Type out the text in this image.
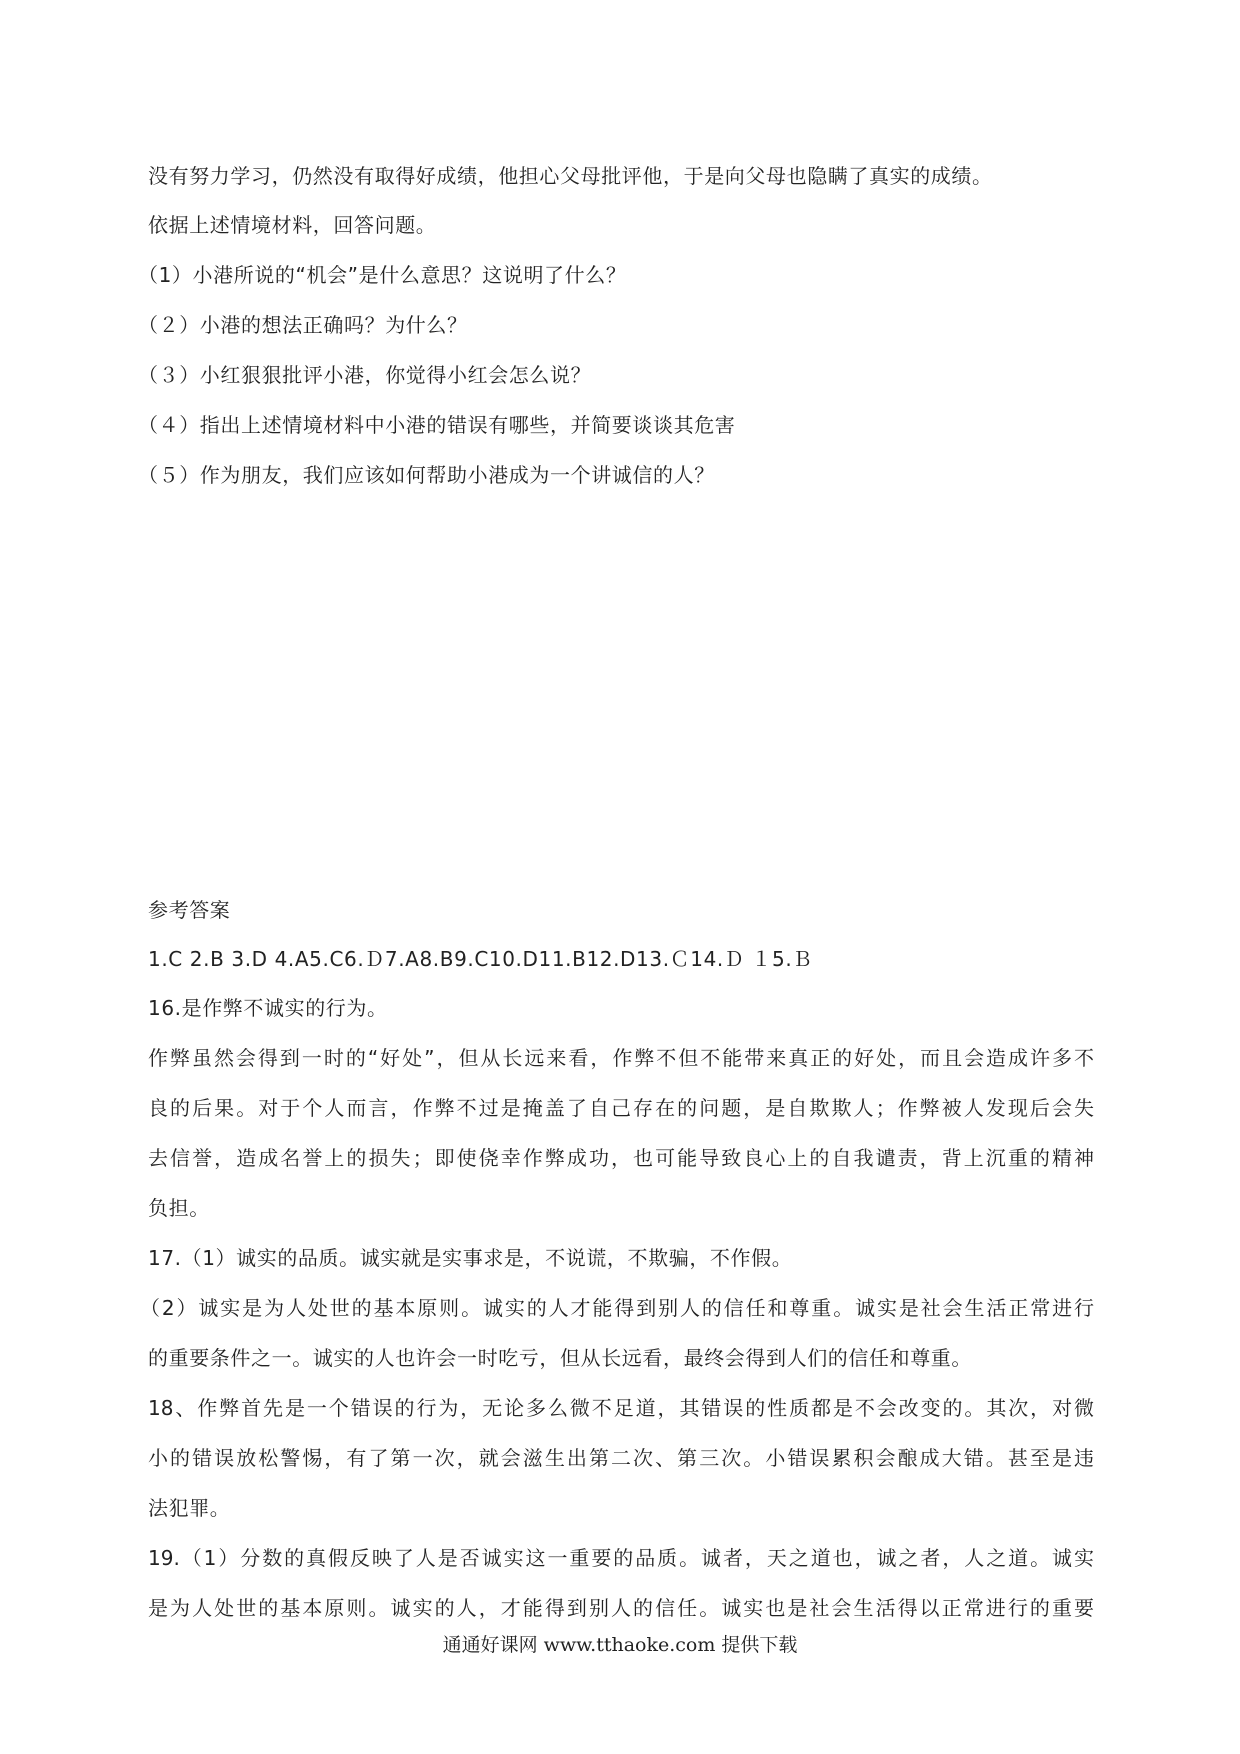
没有努力学习，仍然没有取得好成绩，他担心父母批评他，于是向父母也隐瞒了真实的成绩。
依据上述情境材料，回答问题。
（1）小港所说的“机会”是什么意思？这说明了什么？
（２）小港的想法正确吗？为什么？
（３）小红狠狠批评小港，你觉得小红会怎么说？
（４）指出上述情境材料中小港的错误有哪些，并简要谈谈其危害
（５）作为朋友，我们应该如何帮助小港成为一个讲诚信的人？
参考答案
1.C 2.B 3.D 4.A5.C6.Ｄ7.A8.B9.C10.D11.B12.D13.Ｃ14.Ｄ １5.Ｂ
16.是作弊不诚实的行为。
作弊虽然会得到一时的“好处”，但从长远来看，作弊不但不能带来真正的好处，而且会造成许多不
良的后果。对于个人而言，作弊不过是掩盖了自己存在的问题，是自欺欺人；作弊被人发现后会失
去信誉，造成名誉上的损失；即使侥幸作弊成功，也可能导致良心上的自我谴责，背上沉重的精神
负担。
17.（1）诚实的品质。诚实就是实事求是，不说谎，不欺骗，不作假。
（2）诚实是为人处世的基本原则。诚实的人才能得到别人的信任和尊重。诚实是社会生活正常进行
的重要条件之一。诚实的人也许会一时吃亏，但从长远看，最终会得到人们的信任和尊重。
18、作弊首先是一个错误的行为，无论多么微不足道，其错误的性质都是不会改变的。其次，对微
小的错误放松警惕，有了第一次，就会滋生出第二次、第三次。小错误累积会酿成大错。甚至是违
法犯罪。
19.（1）分数的真假反映了人是否诚实这一重要的品质。诚者，天之道也，诚之者，人之道。诚实
是为人处世的基本原则。诚实的人，才能得到别人的信任。诚实也是社会生活得以正常进行的重要
通通好课网 www.tthaoke.com 提供下载
